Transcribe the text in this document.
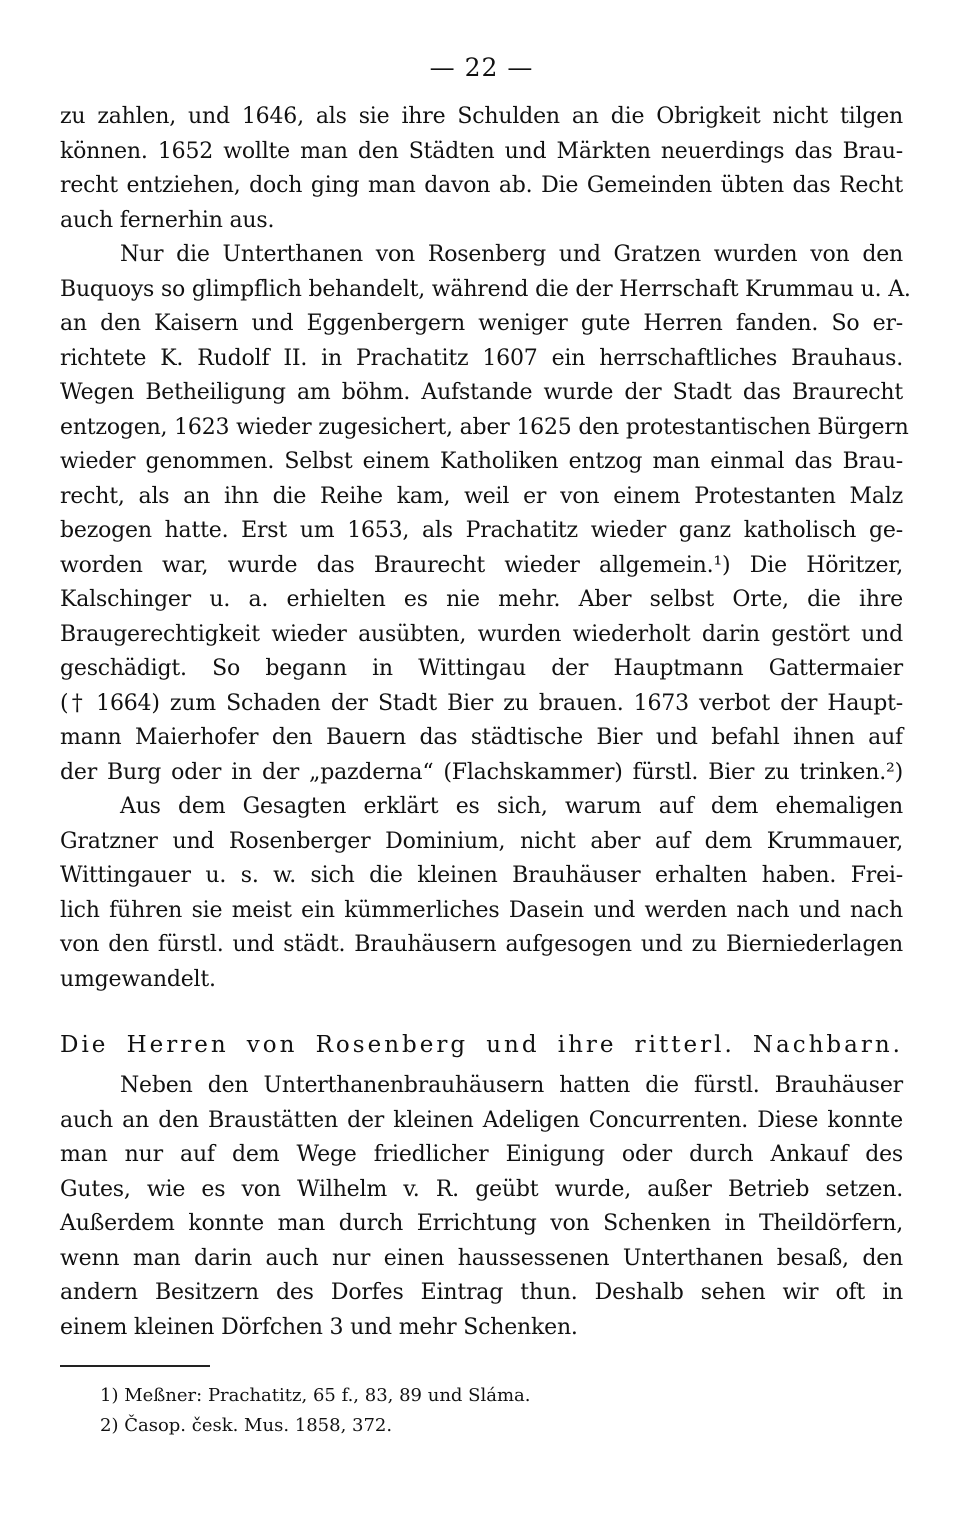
— 22 —
zu zahlen, und 1646, als sie ihre Schulden an die Obrigkeit nicht tilgen
können. 1652 wollte man den Städten und Märkten neuerdings das Brau-
recht entziehen, doch ging man davon ab. Die Gemeinden übten das Recht
auch fernerhin aus.
Nur die Unterthanen von Rosenberg und Gratzen wurden von den
Buquoys so glimpflich behandelt, während die der Herrschaft Krummau u. A.
an den Kaisern und Eggenbergern weniger gute Herren fanden. So er-
richtete K. Rudolf II. in Prachatitz 1607 ein herrschaftliches Brauhaus.
Wegen Betheiligung am böhm. Aufstande wurde der Stadt das Braurecht
entzogen, 1623 wieder zugesichert, aber 1625 den protestantischen Bürgern
wieder genommen. Selbst einem Katholiken entzog man einmal das Brau-
recht, als an ihn die Reihe kam, weil er von einem Protestanten Malz
bezogen hatte. Erst um 1653, als Prachatitz wieder ganz katholisch ge-
worden war, wurde das Braurecht wieder allgemein.¹) Die Höritzer,
Kalschinger u. a. erhielten es nie mehr. Aber selbst Orte, die ihre
Braugerechtigkeit wieder ausübten, wurden wiederholt darin gestört und
geschädigt. So begann in Wittingau der Hauptmann Gattermaier
(† 1664) zum Schaden der Stadt Bier zu brauen. 1673 verbot der Haupt-
mann Maierhofer den Bauern das städtische Bier und befahl ihnen auf
der Burg oder in der „pazderna“ (Flachskammer) fürstl. Bier zu trinken.²)
Aus dem Gesagten erklärt es sich, warum auf dem ehemaligen
Gratzner und Rosenberger Dominium, nicht aber auf dem Krummauer,
Wittingauer u. s. w. sich die kleinen Brauhäuser erhalten haben. Frei-
lich führen sie meist ein kümmerliches Dasein und werden nach und nach
von den fürstl. und städt. Brauhäusern aufgesogen und zu Bierniederlagen
umgewandelt.
Die Herren von Rosenberg und ihre ritterl. Nachbarn.
Neben den Unterthanenbrauhäusern hatten die fürstl. Brauhäuser
auch an den Braustätten der kleinen Adeligen Concurrenten. Diese konnte
man nur auf dem Wege friedlicher Einigung oder durch Ankauf des
Gutes, wie es von Wilhelm v. R. geübt wurde, außer Betrieb setzen.
Außerdem konnte man durch Errichtung von Schenken in Theildörfern,
wenn man darin auch nur einen haussessenen Unterthanen besaß, den
andern Besitzern des Dorfes Eintrag thun. Deshalb sehen wir oft in
einem kleinen Dörfchen 3 und mehr Schenken.
1) Meßner: Prachatitz, 65 f., 83, 89 und Sláma.
2) Časop. česk. Mus. 1858, 372.
